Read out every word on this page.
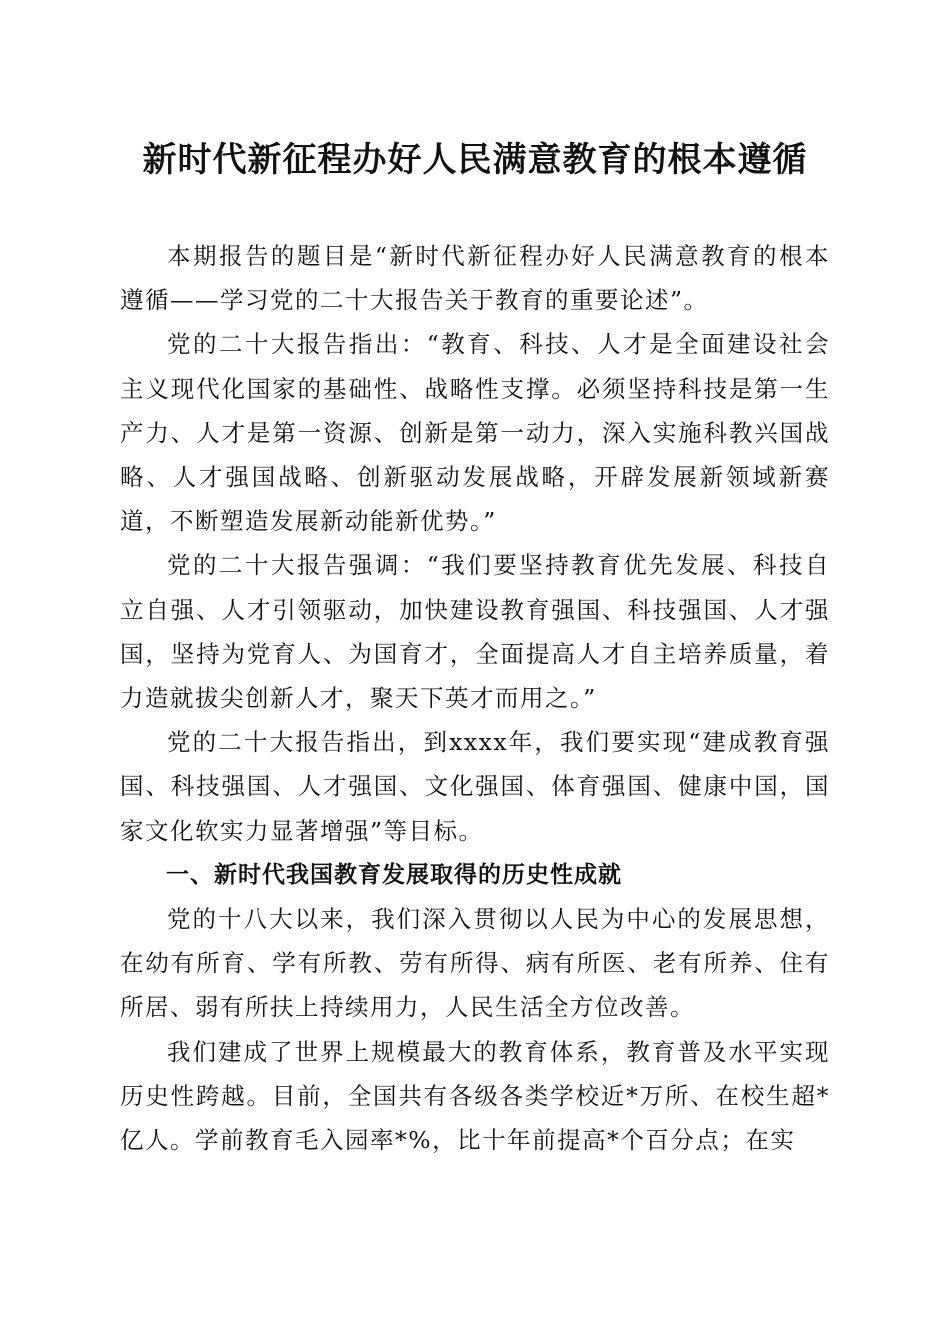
新时代新征程办好人民满意教育的根本遵循

本期报告的题目是“新时代新征程办好人民满意教育的根本遵循——学习党的二十大报告关于教育的重要论述”。

党的二十大报告指出：“教育、科技、人才是全面建设社会主义现代化国家的基础性、战略性支撑。必须坚持科技是第一生产力、人才是第一资源、创新是第一动力，深入实施科教兴国战略、人才强国战略、创新驱动发展战略，开辟发展新领域新赛道，不断塑造发展新动能新优势。”

党的二十大报告强调：“我们要坚持教育优先发展、科技自立自强、人才引领驱动，加快建设教育强国、科技强国、人才强国，坚持为党育人、为国育才，全面提高人才自主培养质量，着力造就拔尖创新人才，聚天下英才而用之。”

党的二十大报告指出，到xxxx年，我们要实现“建成教育强国、科技强国、人才强国、文化强国、体育强国、健康中国，国家文化软实力显著增强”等目标。

一、新时代我国教育发展取得的历史性成就

党的十八大以来，我们深入贯彻以人民为中心的发展思想，在幼有所育、学有所教、劳有所得、病有所医、老有所养、住有所居、弱有所扶上持续用力，人民生活全方位改善。

我们建成了世界上规模最大的教育体系，教育普及水平实现历史性跨越。目前，全国共有各级各类学校近*万所、在校生超*亿人。学前教育毛入园率*%，比十年前提高*个百分点；在实
